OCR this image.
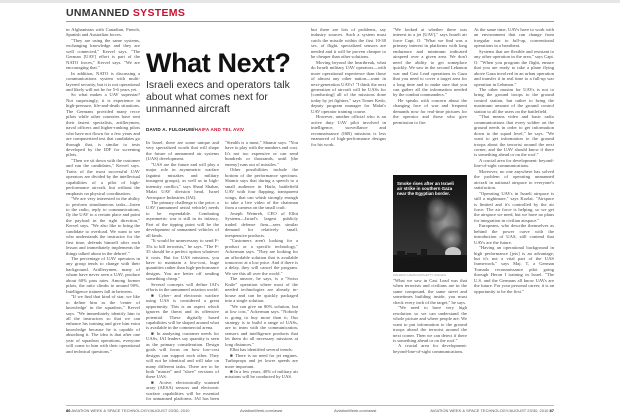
UNMANNED SYSTEMS

in Afghanistan with Canadian, French, Spanish and Australian forces.

"They are using the same systems, exchanging knowledge and they are well connected," Kervel says. "The German [UAV] effort is part of the NATO forces," Kervel says. "We are encouraging that."

In addition, NATO is discussing a communications system with multi-layered security, but it is not operational and likely will not be for 5-6 years yet.

So what makes a UAV superstar? Not surprisingly, it is experience in high-pressure, life-and-death situations. The Germans provided many recce pilots while other countries have sent their fastest specialists, artillerymen, naval officers and higher-ranking pilots who have not flown for a few years and are computerized test that candidates go through that, is similar to tests developed by the IDF for screening pilots.

"Then we sit down with the customer and run the candidates," Kervel says. Traits of the most successful UAV operators are divided by the intellectual capabilities of a pilot of high-performance aircraft, but without the emphasis on physical coordination.

"We are very interested in the ability to perform simultaneous tasks—listen to the radio, reply to communications, fly the UAV to a certain place and point the payload in the right direction," Kervel says. "We also like to bring the candidate to overload. We want to see who understands the instructor for the first time, defends himself after each lesson and immediately implements the things talked about in the debrief."

The percentage of UAV operators in any group tends to change with their background. Artillerymen, many of whom have never seen a UAV, produce about 60% pass rates. Among former pilots, the ratio climbs to around 90%. Intelligence trainees fall in between.

"If we find that kind of star, we like to define him as the 'center of knowledge' in the squadron," Kervel says. "We immediately identify him to all the instructors so that we can enhance his training and give him extra knowledge because he is capable of absorbing it. The idea is that after one year of squadron operations, everyone will come to him with their operational and technical questions."

What Next?
Israeli execs and operators talk about what comes next for unmanned aircraft
DAVID A. FULGHUM/HAIFA AND TEL AVIV

In Israel, there are some unique and very specialized words that will shape the future of unmanned air systems (UAS) development.

"UAS are the future and will play a major role in asymmetric warfare (against mistakes and military insurgent groups), as well as in high-intensity conflict," says Shaul Shahar, Malat UAV division head, Israel Aerospace Industries (IAI).

The primary challenge is the price; a UAV (unmanned aerial vehicle) needs to be expendable. Combating asymmetric war is still in its infancy. Part of the tipping point will be the development of unmanned vehicles of all kinds.

"It would be unnecessary to send F-35s to kill terrorists," he says. "The F-35 should be a perfect option whatever it costs. But for UAS missions, you have to maintain a low-cost, huge quantities rather than high-performance designs. You are better off sending something cheap."

Several concepts will define IAI's efforts in the unmanned aviation world:

■ Cyber- and electronic warfare using UAS is considered a great opportunity. This is an aspect which ignores the threat and its offensive potential. These digitally based capabilities will be shaped around what is available in the commercial arena.

■ In analyzing customer needs for UASs, IAI leaders say quantity is seen as the primary consideration. Design goals will focus on how low-cost designs can support each other. They will not be identical and will take on many different tasks. There are to be both "master" and "slave" versions of these UAS.

■ Active, electronically scanned array (AESA) sensors and electronic warfare capabilities will be essential for unmanned platforms. IAI has been

"Stealth is a must," Shamir says. "You have to play with the numbers and cost. It's not too expensive or can send hundreds or thousands, until [the enemy] runs out of missiles."

Other possibilities include the bottom of the performance spectrum. Shamir says that during a speech to a small audience in Haifa, battlefield UAV with four flapping, transparent wings, that can whisk strongly enough to take a live video of the chairman from a camera on the small craft.

Joseph Weinreb, CEO of Elbit Systems—Israel's largest publicly traded defense firm—sees similar demand for relatively small, inexpensive products.

"Customers aren't looking for a product or a specific technology," Ackerman says. "They are looking for an affordable solution that is available tomorrow at a low price. And if there is a delay, they will cancel the program. We see this all over the world."

The answer, he says, is a "Swiss Knife" operation where most of the needed technologies are already in-house and can be quickly packaged into a single solution.

"We can give an 80% solution, but at low cost," Ackerman says. "Nobody is going to buy more than it; Our strategy is to build a range of UASs, are to team with the communication, sensors and intelligence products that let them do all necessary missions at long distances."

Elbit has identified several trends:

■ There is no need for jet engines. Turboprops and jet lower speeds are more important.

■ In a few years, 40% of military air missions will be conducted by UAS.

but there are lots of problems, say industry sources. Such a system must catch the missile within the first 10-30 sec. of flight, specialized sensors are needed and it will be proven cheaper to be cheaper than other solutions.

Moving beyond the heartbreak, what do Israeli military UAV operators—with more operational experience than those of almost any other nation—want in next-generation UAVs? "I think the next generation of aircraft will be UASs for [conducting] all of the missions done today by jet fighters," says Tomer Kedo, deputy program manager for Malat's UAV operator training course.

However, another official who is an active duty UAV pilot involved in intelligence, surveillance and reconnaissance (ISR) missions is less enamored of high-performance designs for his work.

"We looked at whether there was interest in a jet [UAV]," says Israeli air force Capt. O. "What we find was a primary interest in platforms with long endurance and minimum indicated airspeed over a given area. We don't need the ability to get someplace quickly. We saw in the second Lebanon war and Cast Lead operations in Gaza that you need to cover a target area for a long time and to make sure that you can gather all the information needed by the combat commanders."

He speaks with concern about the changing face of war and frequent demands now for real-time pictures for the operator and those who give permission to fire.

Smoke rises after an Israeli air strike in southern Gaza near the Egyptian border.
MAHMUD HAMS/AFP/GETTY IMAGES

"What we saw in Cast Lead was that when terrorists and civilians are in the same compound, the same street and sometimes building inside, you must check every inch of the target," he says.

"We need to have very high resolution so we can understand the whole picture and where people are. We want to put information to the ground troops ahead the terrorist around the next corner. Then we can detect if there is something ahead or on the roof."

A crucial area for development: beyond-line-of-sight communications.

At the same time, UAVs have to work with an environment that can change from irregular war to full-up, conventional operations in a heartbeat.

Systems that are flexible and resistant to any other operation in the area," says Capt. O. "When you program the flight, ensure that you are ready to take a plane flying above Gaza involved in an urban operation and transfer it in real time to a full-up war operation in Lebanon."

The other maxim for UAVs is not to bring the ground troops to the ground control station, but rather to bring the maximum amount of the ground control station to all the users on the battlefield.

"That means video and basic radio communications that every soldier on the ground needs in order to get information down to the squad level," he says. "We want to get information to the ground troops about the terrorist around the next corner, and the UAV should know if there is something ahead or on the roof."

A crucial area for development: beyond-line-of-sight communications.

Moreover, no one anywhere has solved the problem of operating unmanned aircraft in national airspace to everyone's satisfaction.

"Operating UAVs in Israeli airspace is still a nightmare," says Kozlat. "Airspace is limited and it's controlled by the air force. The air force is helping, so we get the airspace we need, but we have no plans for integration in civilian airspace."

Europeans, who describe themselves as behind the power curve with the introduction of UAS, still contend that UAVs are the future.

"Having an operational background in high performance [jets] is an advantage, but it's not a vital part of the UAS framework," says Maj. T, a German Tornado reconnaissance pilot going through Heron I training in Israel. "The U.S. and the Germans all know UAVs are the future. For your personal career, it is an opportunity to be the first."

86 AVIATION WEEK & SPACE TECHNOLOGY/AUGUST 23/30, 2010	AviationWeek.com/awst	AviationWeek.com/awst	AVIATION WEEK & SPACE TECHNOLOGY/AUGUST 23/30, 2010 87
